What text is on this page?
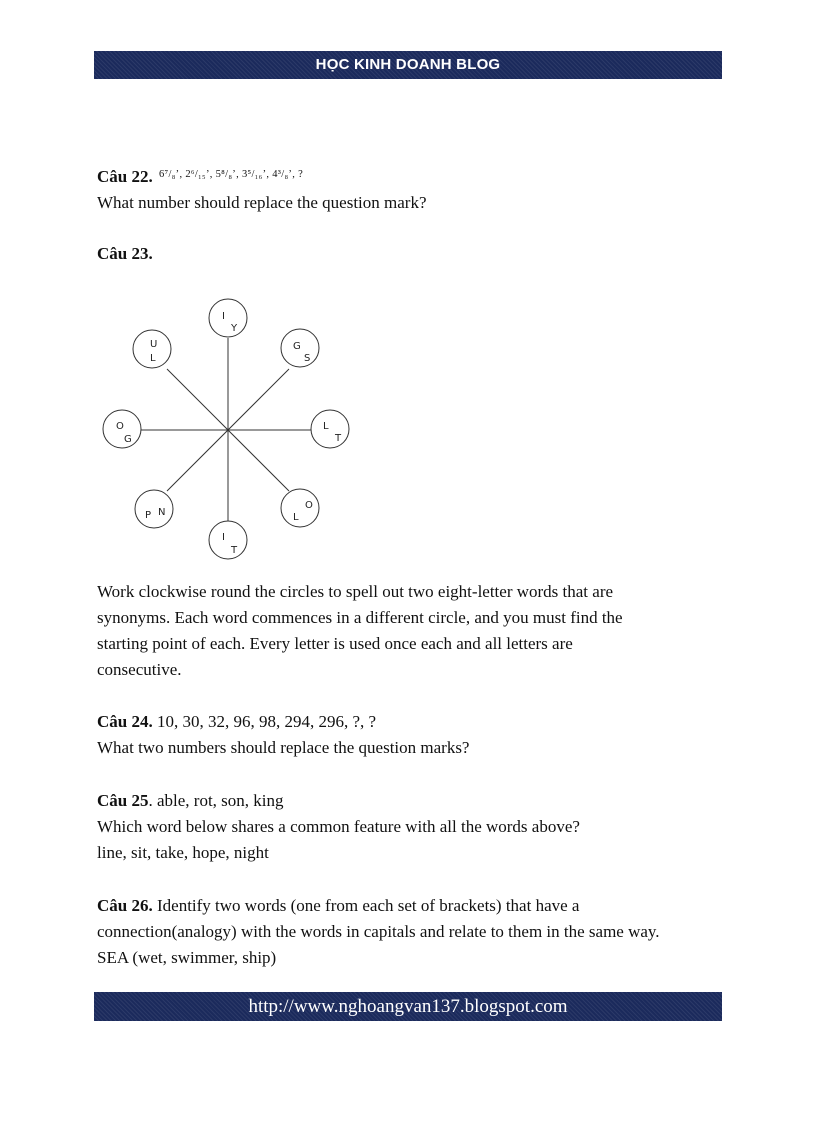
HỌC KINH DOANH BLOG

Câu 22. $^{6^7/_8ʼ, 2^6/_{15}ʼ, 5^8/_8ʼ, 3^5/_{16}ʼ, 4^3/_8ʼ, ?}$

What number should replace the question mark?

Câu 23.

I
Y
G
S
L
T
O
L
I
T
P N
O
G
U
L

Work clockwise round the circles to spell out two eight-letter words that are

synonyms. Each word commences in a different circle, and you must find the

starting point of each. Every letter is used once each and all letters are

consecutive.

Câu 24. 10, 30, 32, 96, 98, 294, 296, ?, ?

What two numbers should replace the question marks?

Câu 25. able, rot, son, king

Which word below shares a common feature with all the words above?

line, sit, take, hope, night

Câu 26. Identify two words (one from each set of brackets) that have a

connection(analogy) with the words in capitals and relate to them in the same way.

SEA (wet, swimmer, ship)

http://www.nghoangvan137.blogspot.com
